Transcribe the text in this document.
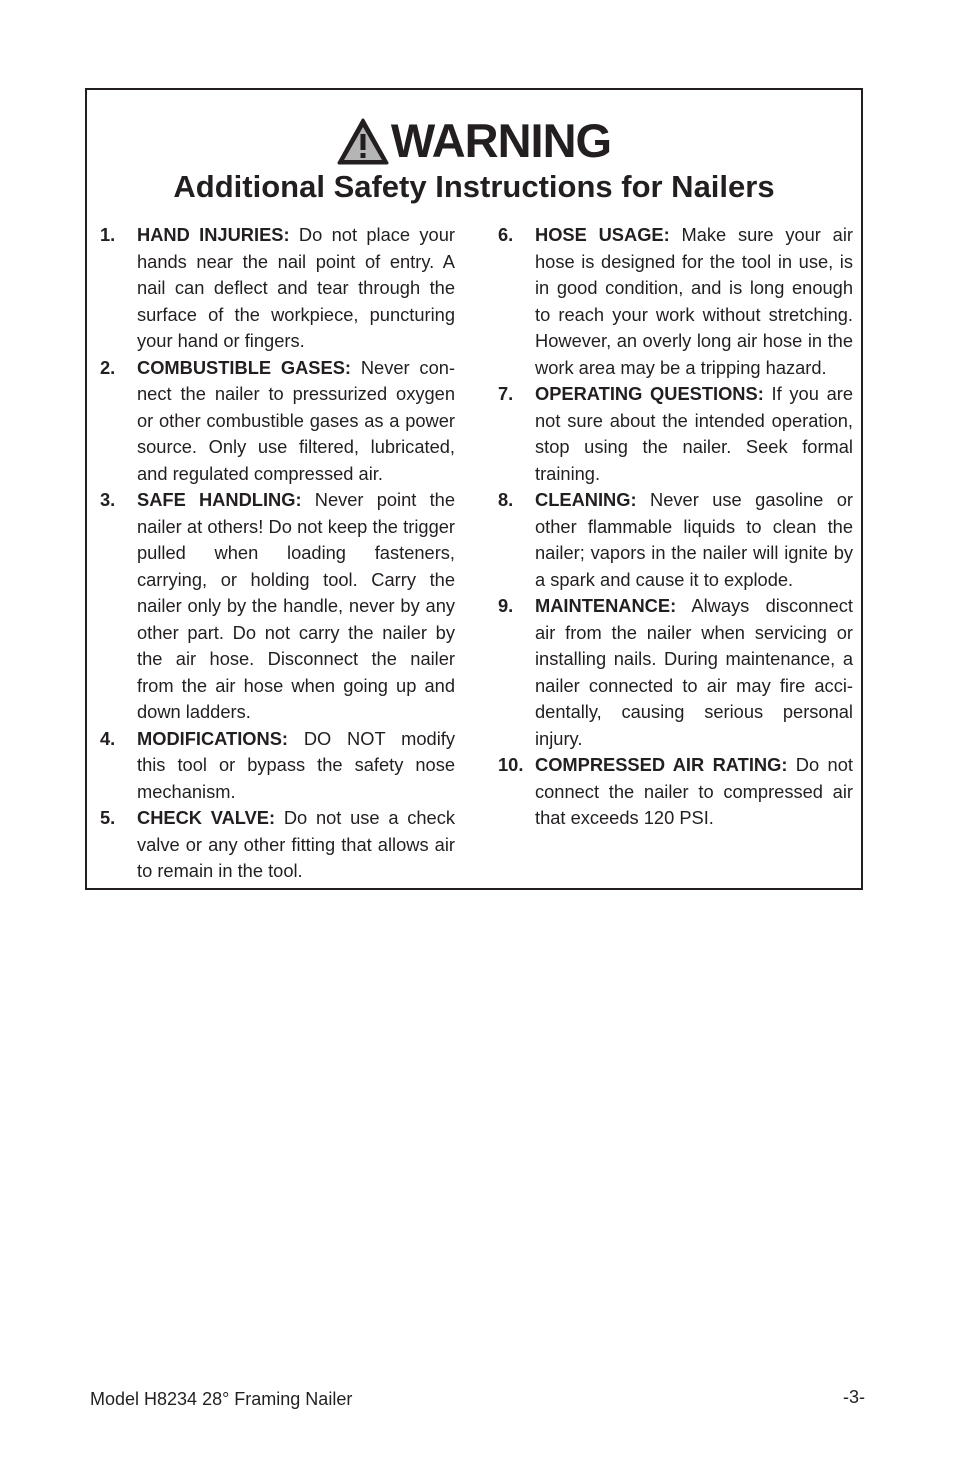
WARNING
Additional Safety Instructions for Nailers
1.	HAND INJURIES: Do not place your hands near the nail point of entry. A nail can deflect and tear through the surface of the workpiece, puncturing your hand or fingers.
2.	COMBUSTIBLE GASES: Never connect the nailer to pressurized oxygen or other combustible gases as a power source. Only use filtered, lubricated, and regulated compressed air.
3.	SAFE HANDLING: Never point the nailer at others! Do not keep the trigger pulled when loading fasteners, carrying, or holding tool. Carry the nailer only by the handle, never by any other part. Do not carry the nailer by the air hose. Disconnect the nailer from the air hose when going up and down ladders.
4.	MODIFICATIONS: DO NOT modify this tool or bypass the safety nose mechanism.
5.	CHECK VALVE: Do not use a check valve or any other fitting that allows air to remain in the tool.
6.	HOSE USAGE: Make sure your air hose is designed for the tool in use, is in good condition, and is long enough to reach your work without stretching. However, an overly long air hose in the work area may be a tripping hazard.
7.	OPERATING QUESTIONS: If you are not sure about the intended operation, stop using the nailer. Seek formal training.
8.	CLEANING: Never use gasoline or other flammable liquids to clean the nailer; vapors in the nailer will ignite by a spark and cause it to explode.
9.	MAINTENANCE: Always disconnect air from the nailer when servicing or installing nails. During maintenance, a nailer connected to air may fire accidentally, causing serious personal injury.
10. COMPRESSED AIR RATING: Do not connect the nailer to compressed air that exceeds 120 PSI.
Model H8234 28° Framing Nailer	-3-
